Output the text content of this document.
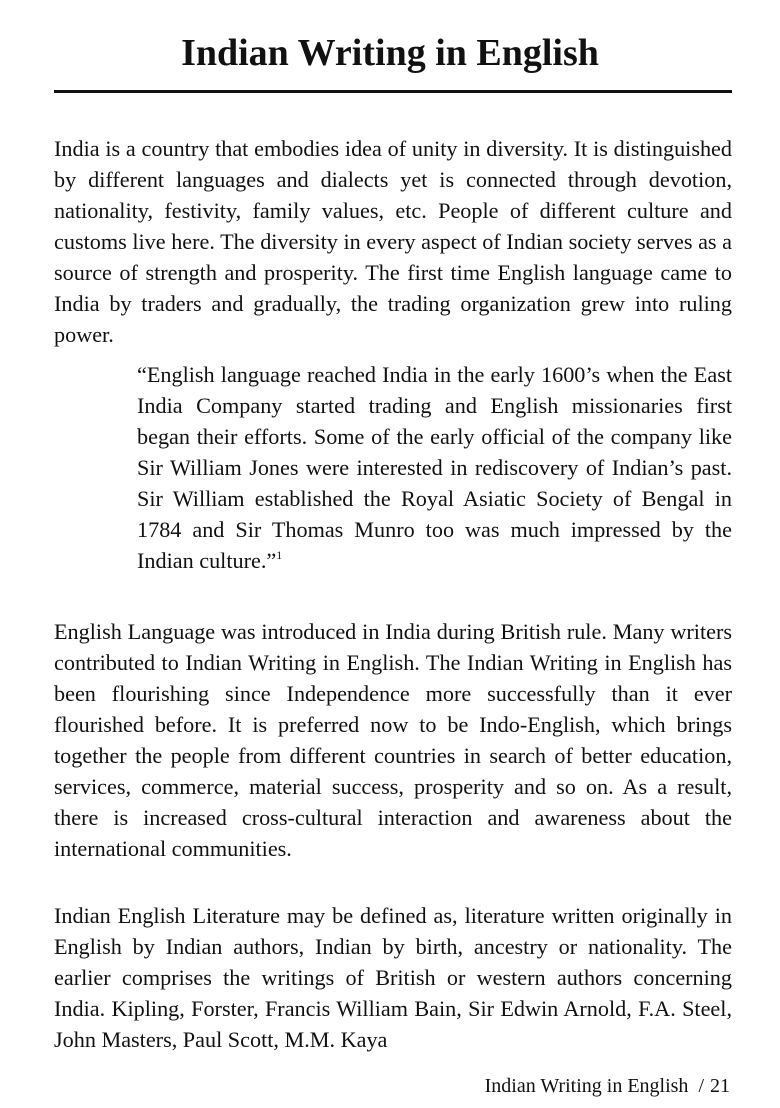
Indian Writing in English

India is a country that embodies idea of unity in diversity. It is distinguished by different languages and dialects yet is connected through devotion, nationality, festivity, family values, etc. People of different culture and customs live here. The diversity in every aspect of Indian society serves as a source of strength and prosperity. The first time English language came to India by traders and gradually, the trading organization grew into ruling power.

“English language reached India in the early 1600’s when the East India Company started trading and English missionaries first began their efforts. Some of the early official of the company like Sir William Jones were interested in rediscovery of Indian’s past. Sir William established the Royal Asiatic Society of Bengal in 1784 and Sir Thomas Munro too was much impressed by the Indian culture.”$^1$

English Language was introduced in India during British rule. Many writers contributed to Indian Writing in English. The Indian Writing in English has been flourishing since Independence more successfully than it ever flourished before. It is preferred now to be Indo-English, which brings together the people from different countries in search of better education, services, commerce, material success, prosperity and so on. As a result, there is increased cross-cultural interaction and awareness about the international communities.

Indian English Literature may be defined as, literature written originally in English by Indian authors, Indian by birth, ancestry or nationality. The earlier comprises the writings of British or western authors concerning India. Kipling, Forster, Francis William Bain, Sir Edwin Arnold, F.A. Steel, John Masters, Paul Scott, M.M. Kaya

Indian Writing in English / 21
